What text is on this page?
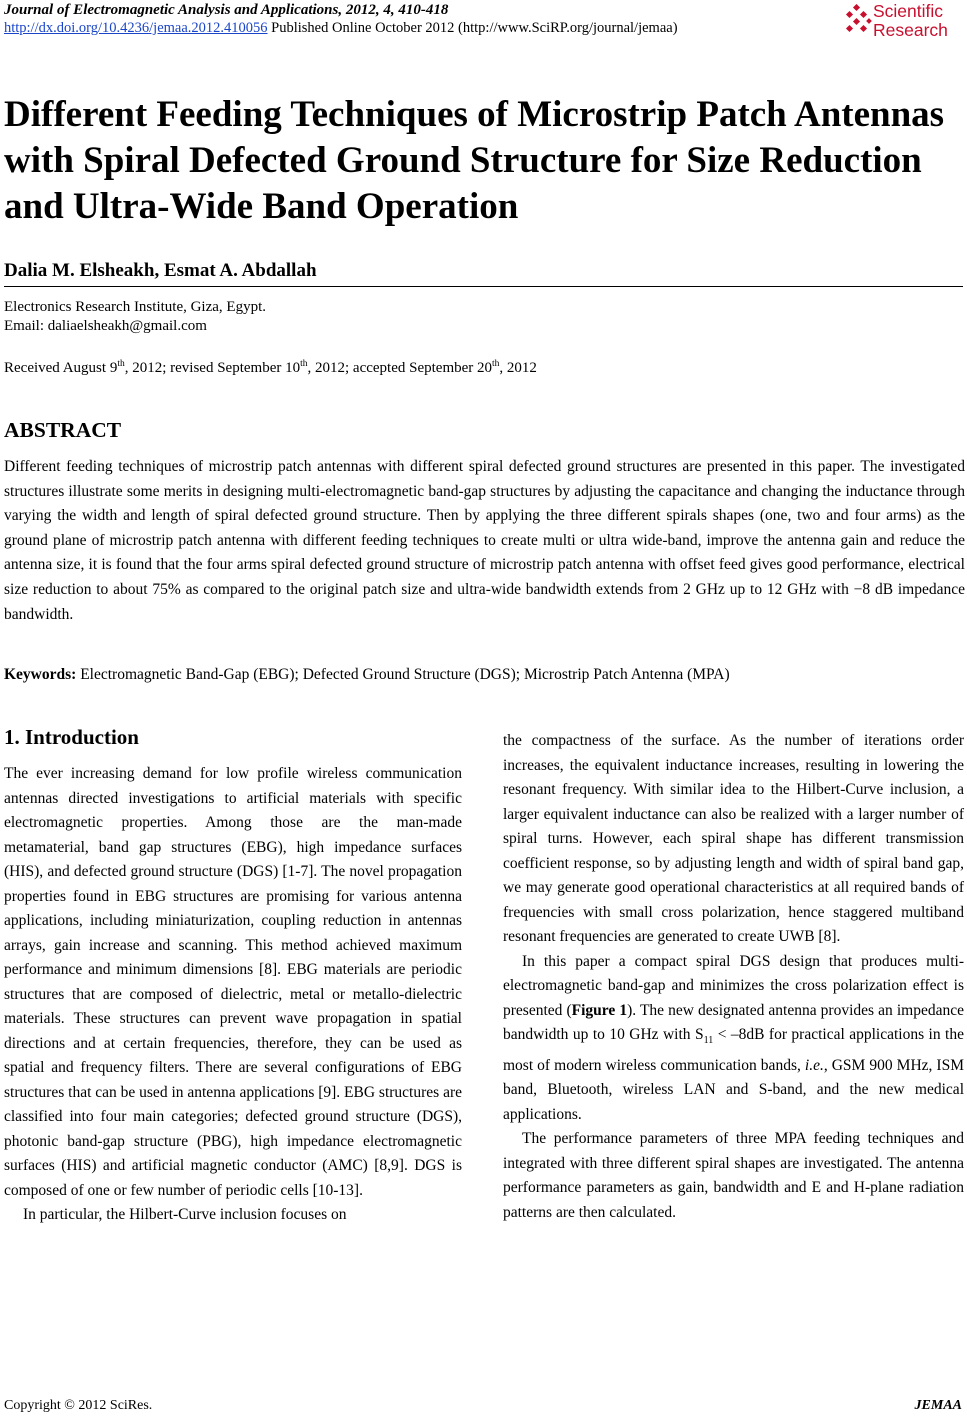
Journal of Electromagnetic Analysis and Applications, 2012, 4, 410-418
http://dx.doi.org/10.4236/jemaa.2012.410056 Published Online October 2012 (http://www.SciRP.org/journal/jemaa)
Scientific
Research
Different Feeding Techniques of Microstrip Patch Antennas with Spiral Defected Ground Structure for Size Reduction and Ultra-Wide Band Operation
Dalia M. Elsheakh, Esmat A. Abdallah
Electronics Research Institute, Giza, Egypt.
Email: daliaelsheakh@gmail.com
Received August 9th, 2012; revised September 10th, 2012; accepted September 20th, 2012
ABSTRACT
Different feeding techniques of microstrip patch antennas with different spiral defected ground structures are presented in this paper. The investigated structures illustrate some merits in designing multi-electromagnetic band-gap structures by adjusting the capacitance and changing the inductance through varying the width and length of spiral defected ground structure. Then by applying the three different spirals shapes (one, two and four arms) as the ground plane of microstrip patch antenna with different feeding techniques to create multi or ultra wide-band, improve the antenna gain and reduce the antenna size, it is found that the four arms spiral defected ground structure of microstrip patch antenna with offset feed gives good performance, electrical size reduction to about 75% as compared to the original patch size and ultra-wide bandwidth extends from 2 GHz up to 12 GHz with −8 dB impedance bandwidth.
Keywords: Electromagnetic Band-Gap (EBG); Defected Ground Structure (DGS); Microstrip Patch Antenna (MPA)
1. Introduction

The ever increasing demand for low profile wireless communication antennas directed investigations to artificial materials with specific electromagnetic properties. Among those are the man-made metamaterial, band gap structures (EBG), high impedance surfaces (HIS), and defected ground structure (DGS) [1-7]. The novel propagation properties found in EBG structures are promising for various antenna applications, including miniaturization, coupling reduction in antennas arrays, gain increase and scanning. This method achieved maximum performance and minimum dimensions [8]. EBG materials are periodic structures that are composed of dielectric, metal or metallo-dielectric materials. These structures can prevent wave propagation in spatial directions and at certain frequencies, therefore, they can be used as spatial and frequency filters. There are several configurations of EBG structures that can be used in antenna applications [9]. EBG structures are classified into four main categories; defected ground structure (DGS), photonic band-gap structure (PBG), high impedance electromagnetic surfaces (HIS) and artificial magnetic conductor (AMC) [8,9]. DGS is composed of one or few number of periodic cells [10-13].

In particular, the Hilbert-Curve inclusion focuses on

the compactness of the surface. As the number of iterations order increases, the equivalent inductance increases, resulting in lowering the resonant frequency. With similar idea to the Hilbert-Curve inclusion, a larger equivalent inductance can also be realized with a larger number of spiral turns. However, each spiral shape has different transmission coefficient response, so by adjusting length and width of spiral band gap, we may generate good operational characteristics at all required bands of frequencies with small cross polarization, hence staggered multiband resonant frequencies are generated to create UWB [8].

In this paper a compact spiral DGS design that produces multi-electromagnetic band-gap and minimizes the cross polarization effect is presented (Figure 1). The new designated antenna provides an impedance bandwidth up to 10 GHz with $S_{11} < -8dB$ for practical applications in the most of modern wireless communication bands, i.e., GSM 900 MHz, ISM band, Bluetooth, wireless LAN and S-band, and the new medical applications.

The performance parameters of three MPA feeding techniques and integrated with three different spiral shapes are investigated. The antenna performance parameters as gain, bandwidth and E and H-plane radiation patterns are then calculated.

Copyright © 2012 SciRes.	JEMAA
